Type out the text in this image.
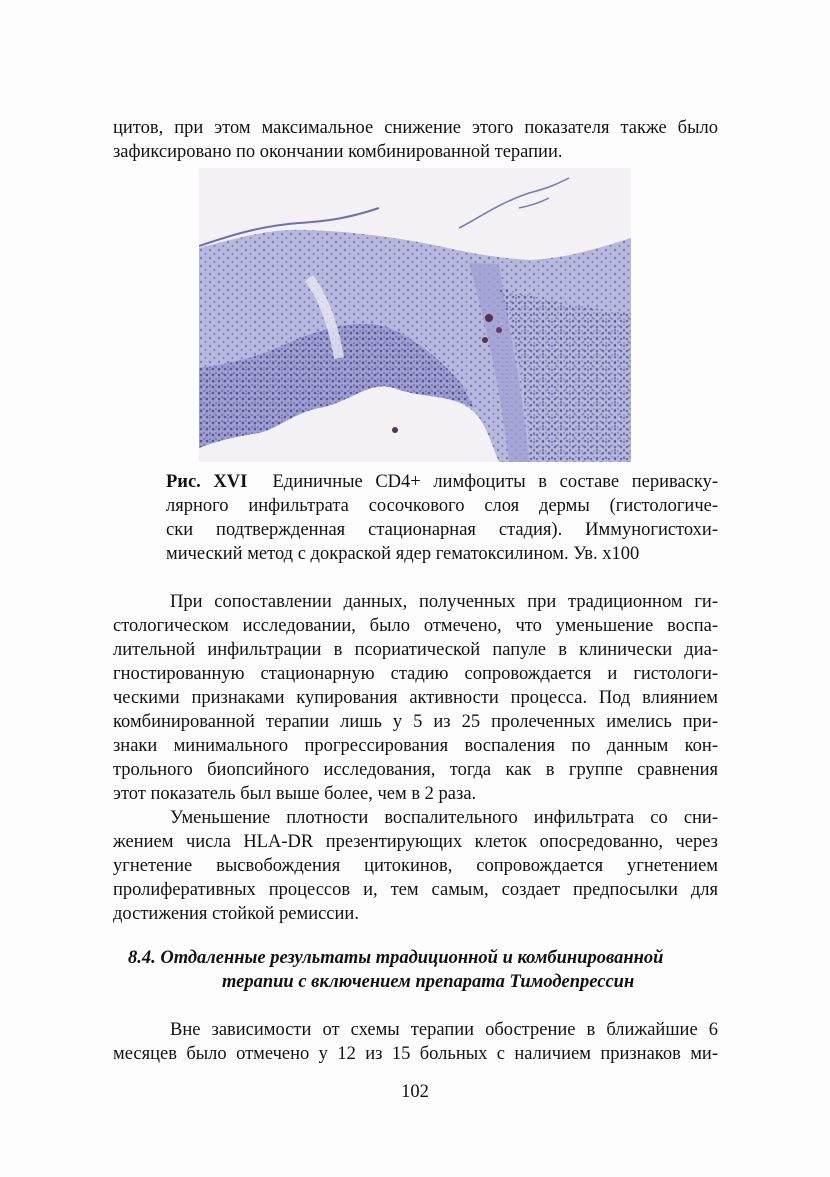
цитов, при этом максимальное снижение этого показателя также было
зафиксировано по окончании комбинированной терапии.
Рис. XVI Единичные CD4+ лимфоциты в составе периваску-
лярного инфильтрата сосочкового слоя дермы (гистологиче-
ски подтвержденная стационарная стадия). Иммуногистохи-
мический метод с докраской ядер гематоксилином. Ув. х100
При сопоставлении данных, полученных при традиционном ги-
стологическом исследовании, было отмечено, что уменьшение воспа-
лительной инфильтрации в псориатической папуле в клинически диа-
гностированную стационарную стадию сопровождается и гистологи-
ческими признаками купирования активности процесса. Под влиянием
комбинированной терапии лишь у 5 из 25 пролеченных имелись при-
знаки минимального прогрессирования воспаления по данным кон-
трольного биопсийного исследования, тогда как в группе сравнения
этот показатель был выше более, чем в 2 раза.
Уменьшение плотности воспалительного инфильтрата со сни-
жением числа HLA-DR презентирующих клеток опосредованно, через
угнетение высвобождения цитокинов, сопровождается угнетением
пролиферативных процессов и, тем самым, создает предпосылки для
достижения стойкой ремиссии.
8.4. Отдаленные результаты традиционной и комбинированной
терапии с включением препарата Тимодепрессин
Вне зависимости от схемы терапии обострение в ближайшие 6
месяцев было отмечено у 12 из 15 больных с наличием признаков ми-
102
